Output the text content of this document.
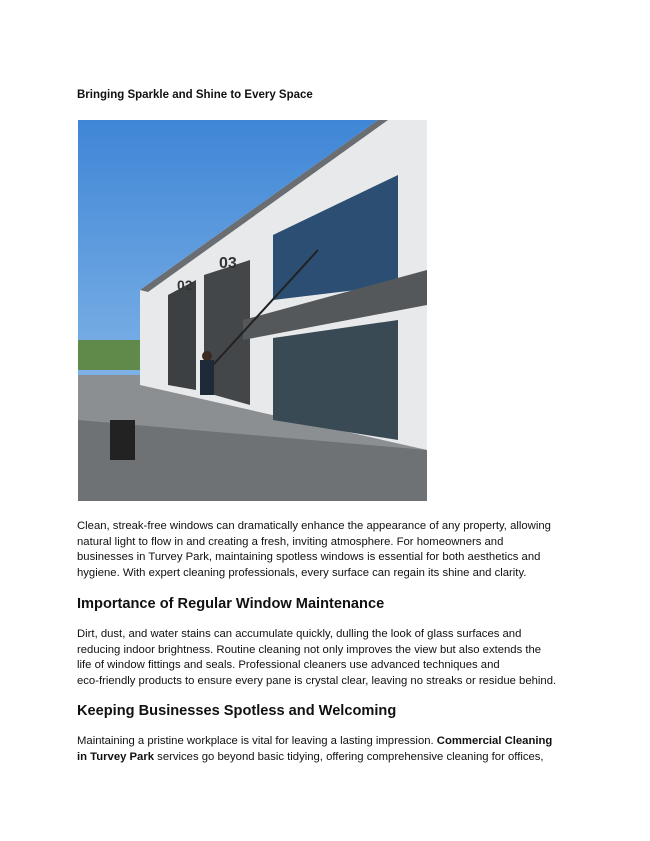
Bringing Sparkle and Shine to Every Space
02
03
Clean, streak-free windows can dramatically enhance the appearance of any property, allowing
natural light to flow in and creating a fresh, inviting atmosphere. For homeowners and
businesses in Turvey Park, maintaining spotless windows is essential for both aesthetics and
hygiene. With expert cleaning professionals, every surface can regain its shine and clarity.
Importance of Regular Window Maintenance
Dirt, dust, and water stains can accumulate quickly, dulling the look of glass surfaces and
reducing indoor brightness. Routine cleaning not only improves the view but also extends the
life of window fittings and seals. Professional cleaners use advanced techniques and
eco-friendly products to ensure every pane is crystal clear, leaving no streaks or residue behind.
Keeping Businesses Spotless and Welcoming
Maintaining a pristine workplace is vital for leaving a lasting impression. Commercial Cleaning
in Turvey Park services go beyond basic tidying, offering comprehensive cleaning for offices,
